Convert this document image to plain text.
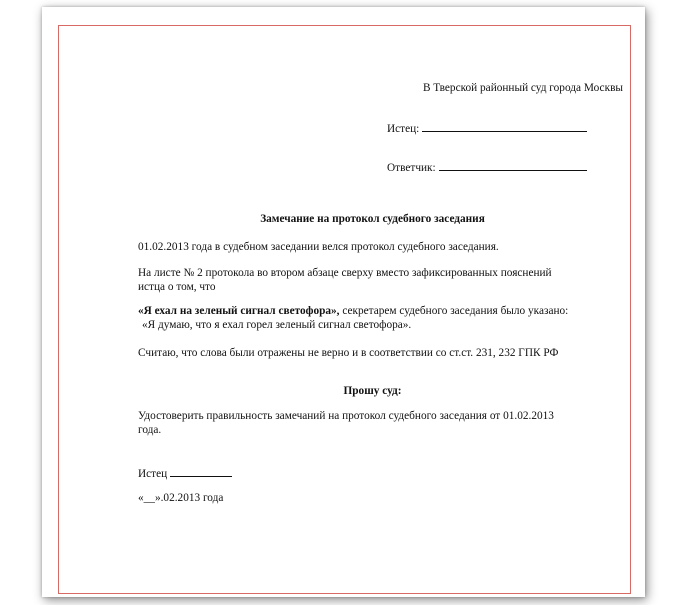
В Тверской районный суд города Москвы
Истец:
Ответчик:
Замечание на протокол судебного заседания
01.02.2013 года в судебном заседании велся протокол судебного заседания.
На листе № 2 протокола во втором абзаце сверху вместо зафиксированных пояснений
истца о том, что
«Я ехал на зеленый сигнал светофора», секретарем судебного заседания было указано:
«Я думаю, что я ехал горел зеленый сигнал светофора».
Считаю, что слова были отражены не верно и в соответствии со ст.ст. 231, 232 ГПК РФ
Прошу суд:
Удостоверить правильность замечаний на протокол судебного заседания от 01.02.2013
года.
Истец
«__».02.2013 года
